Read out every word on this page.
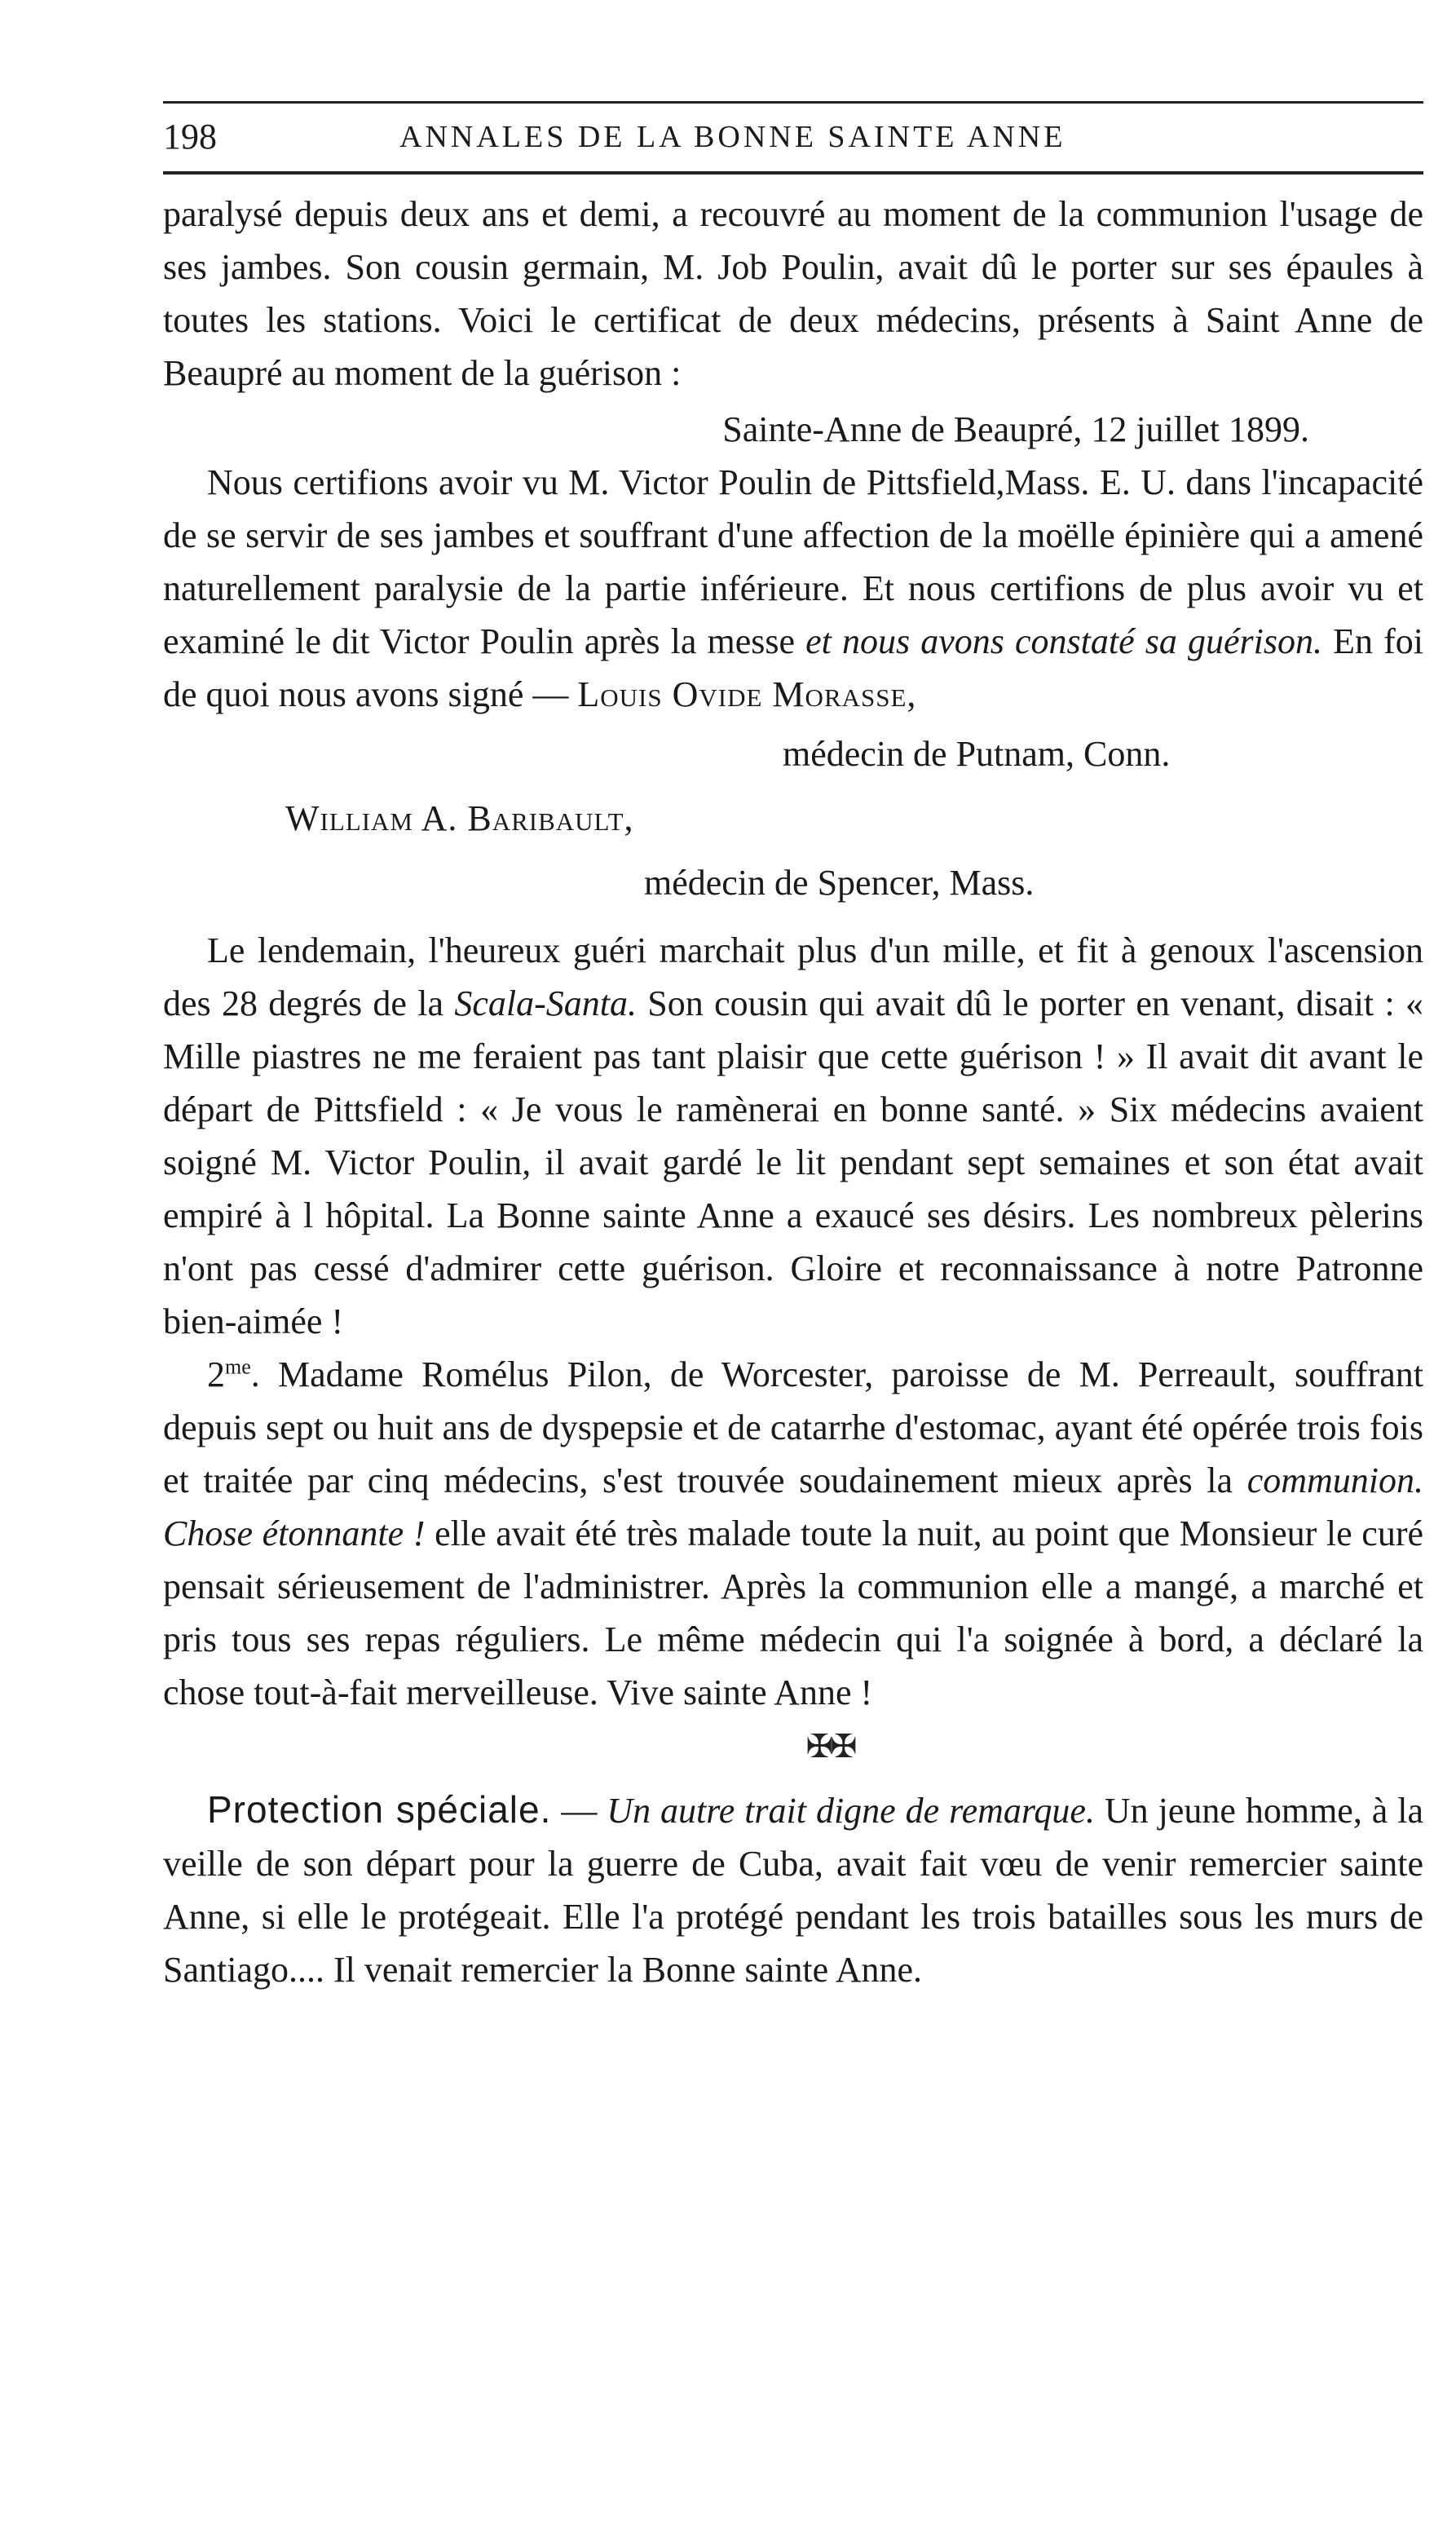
198	ANNALES DE LA BONNE SAINTE ANNE

paralysé depuis deux ans et demi, a recouvré au moment de la communion l'usage de ses jambes. Son cousin germain, M. Job Poulin, avait dû le porter sur ses épaules à toutes les stations. Voici le certificat de deux médecins, présents à Saint Anne de Beaupré au moment de la guérison :

Sainte-Anne de Beaupré, 12 juillet 1899.

Nous certifions avoir vu M. Victor Poulin de Pittsfield,Mass. E. U. dans l'incapacité de se servir de ses jambes et souffrant d'une affection de la moëlle épinière qui a amené naturellement paralysie de la partie inférieure. Et nous certifions de plus avoir vu et examiné le dit Victor Poulin après la messe et nous avons constaté sa guérison. En foi de quoi nous avons signé — Louis Ovide Morasse,

médecin de Putnam, Conn.

William A. Baribault,

médecin de Spencer, Mass.

Le lendemain, l'heureux guéri marchait plus d'un mille, et fit à genoux l'ascension des 28 degrés de la Scala-Santa. Son cousin qui avait dû le porter en venant, disait : « Mille piastres ne me feraient pas tant plaisir que cette guérison ! » Il avait dit avant le départ de Pittsfield : « Je vous le ramènerai en bonne santé. » Six médecins avaient soigné M. Victor Poulin, il avait gardé le lit pendant sept semaines et son état avait empiré à l hôpital. La Bonne sainte Anne a exaucé ses désirs. Les nombreux pèlerins n'ont pas cessé d'admirer cette guérison. Gloire et reconnaissance à notre Patronne bien-aimée !

$2^{me}$. Madame Romélus Pilon, de Worcester, paroisse de M. Perreault, souffrant depuis sept ou huit ans de dyspepsie et de catarrhe d'estomac, ayant été opérée trois fois et traitée par cinq médecins, s'est trouvée soudainement mieux après la communion. Chose étonnante ! elle avait été très malade toute la nuit, au point que Monsieur le curé pensait sérieusement de l'administrer. Après la communion elle a mangé, a marché et pris tous ses repas réguliers. Le même médecin qui l'a soignée à bord, a déclaré la chose tout-à-fait merveilleuse. Vive sainte Anne !

✠✠

Protection spéciale. — Un autre trait digne de remarque. Un jeune homme, à la veille de son départ pour la guerre de Cuba, avait fait vœu de venir remercier sainte Anne, si elle le protégeait. Elle l'a protégé pendant les trois batailles sous les murs de Santiago.... Il venait remercier la Bonne sainte Anne.
